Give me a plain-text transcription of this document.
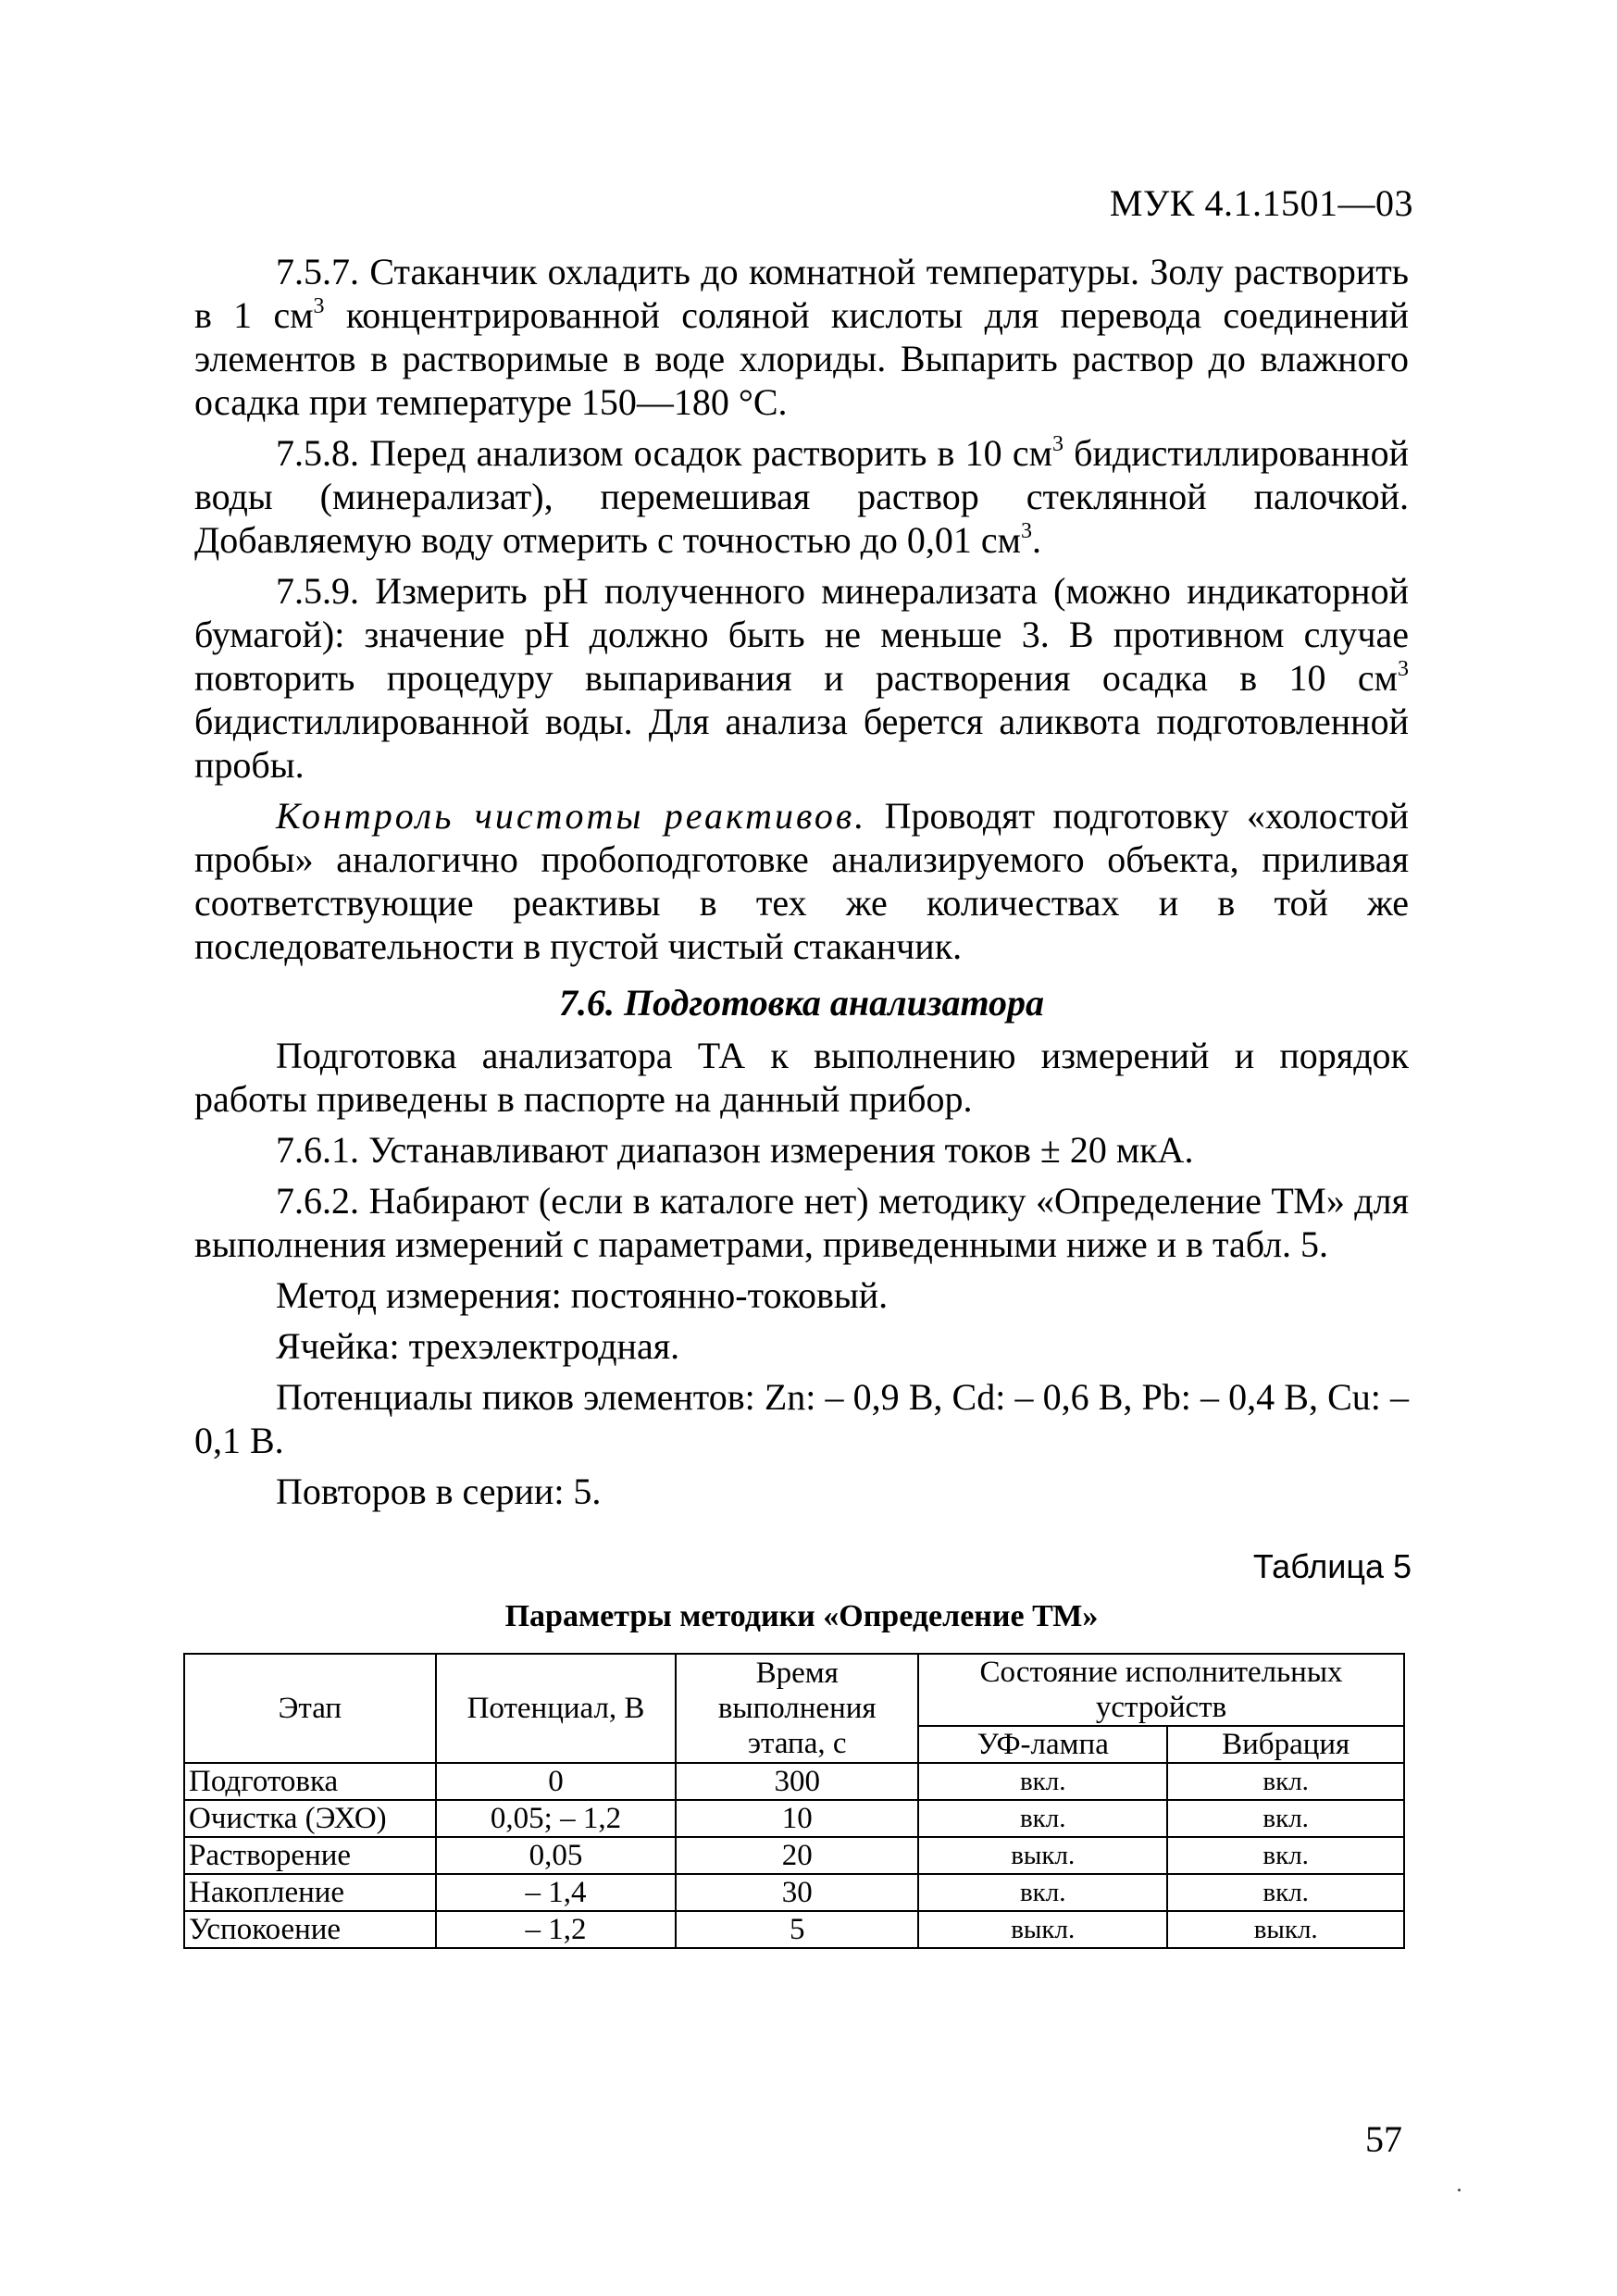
МУК 4.1.1501—03

7.5.7. Стаканчик охладить до комнатной температуры. Золу растворить в 1 $см^3$ концентрированной соляной кислоты для перевода соединений элементов в растворимые в воде хлориды. Выпарить раствор до влажного осадка при температуре 150—180 °С.

7.5.8. Перед анализом осадок растворить в 10 $см^3$ бидистиллированной воды (минерализат), перемешивая раствор стеклянной палочкой. Добавляемую воду отмерить с точностью до 0,01 $см^3$.

7.5.9. Измерить рН полученного минерализата (можно индикаторной бумагой): значение рН должно быть не меньше 3. В противном случае повторить процедуру выпаривания и растворения осадка в 10 $см^3$ бидистиллированной воды. Для анализа берется аликвота подготовленной пробы.

Контроль чистоты реактивов. Проводят подготовку «холостой пробы» аналогично пробоподготовке анализируемого объекта, приливая соответствующие реактивы в тех же количествах и в той же последовательности в пустой чистый стаканчик.

7.6. Подготовка анализатора

Подготовка анализатора ТА к выполнению измерений и порядок работы приведены в паспорте на данный прибор.

7.6.1. Устанавливают диапазон измерения токов ± 20 мкА.

7.6.2. Набирают (если в каталоге нет) методику «Определение ТМ» для выполнения измерений с параметрами, приведенными ниже и в табл. 5.

Метод измерения: постоянно-токовый.

Ячейка: трехэлектродная.

Потенциалы пиков элементов: Zn: – 0,9 В, Cd: – 0,6 В, Pb: – 0,4 В, Cu: – 0,1 В.

Повторов в серии: 5.

Таблица 5
Параметры методики «Определение ТМ»
Этап	Потенциал, В	Время выполнения этапа, с	Состояние исполнительных устройств	
			УФ-лампа	Вибрация
Подготовка	0	300	вкл.	вкл.
Очистка (ЭХО)	0,05; – 1,2	10	вкл.	вкл.
Растворение	0,05	20	выкл.	вкл.
Накопление	– 1,4	30	вкл.	вкл.
Успокоение	– 1,2	5	выкл.	выкл.
57
